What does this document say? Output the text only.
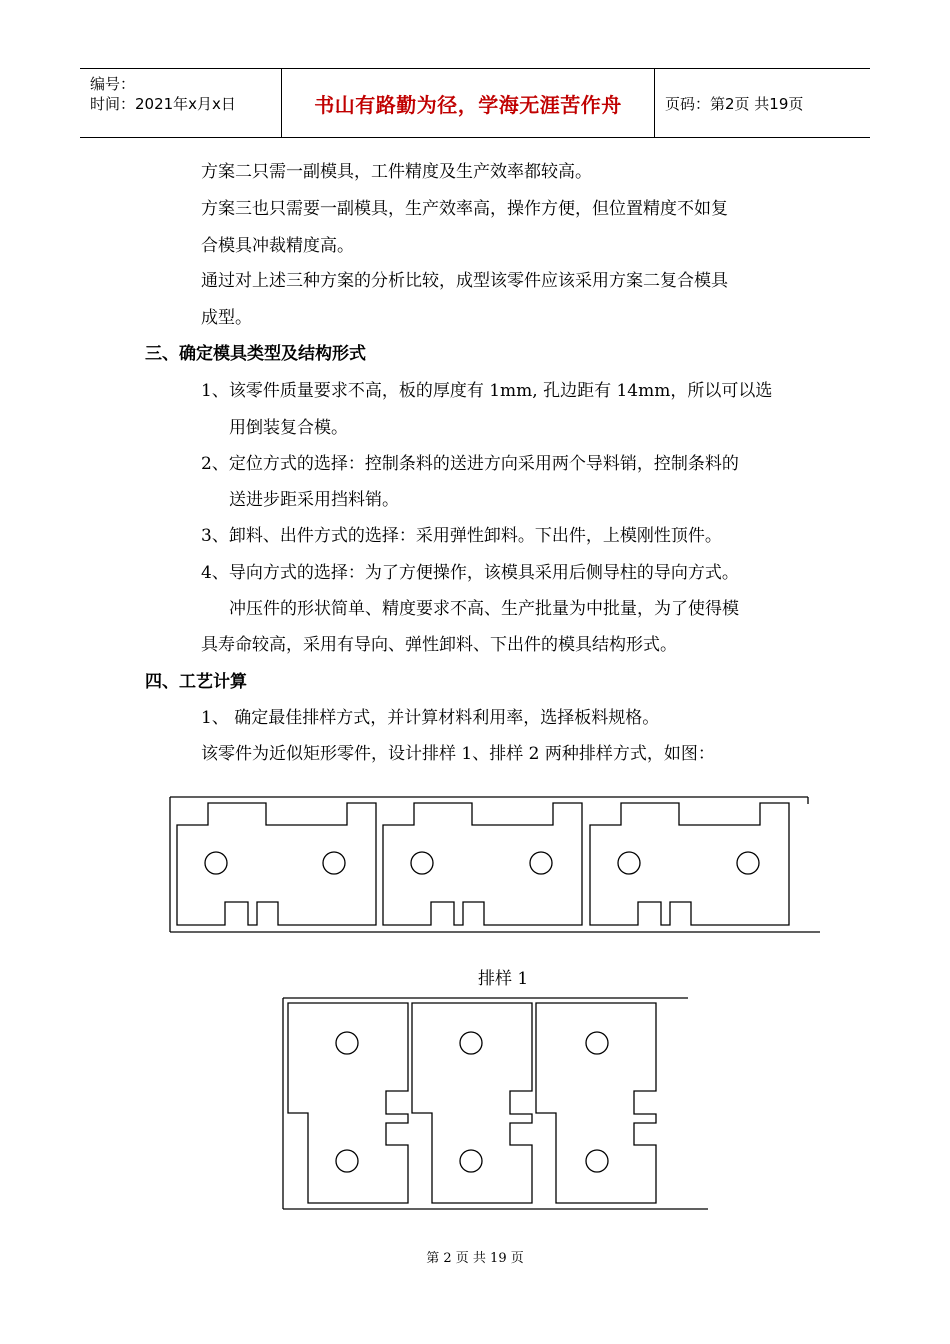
编号：
时间：2021年x月x日	书山有路勤为径，学海无涯苦作舟	页码：第2页 共19页
方案二只需一副模具，工件精度及生产效率都较高。
方案三也只需要一副模具，生产效率高，操作方便，但位置精度不如复
合模具冲裁精度高。
通过对上述三种方案的分析比较，成型该零件应该采用方案二复合模具
成型。
三、确定模具类型及结构形式
1、该零件质量要求不高，板的厚度有 1mm, 孔边距有 14mm，所以可以选
用倒装复合模。
2、定位方式的选择：控制条料的送进方向采用两个导料销，控制条料的
送进步距采用挡料销。
3、卸料、出件方式的选择：采用弹性卸料。下出件，上模刚性顶件。
4、导向方式的选择：为了方便操作，该模具采用后侧导柱的导向方式。
冲压件的形状简单、精度要求不高、生产批量为中批量，为了使得模
具寿命较高，采用有导向、弹性卸料、下出件的模具结构形式。
四、工艺计算
1、 确定最佳排样方式，并计算材料利用率，选择板料规格。
该零件为近似矩形零件，设计排样 1、排样 2 两种排样方式，如图：
排样 1
第 2 页 共 19 页
